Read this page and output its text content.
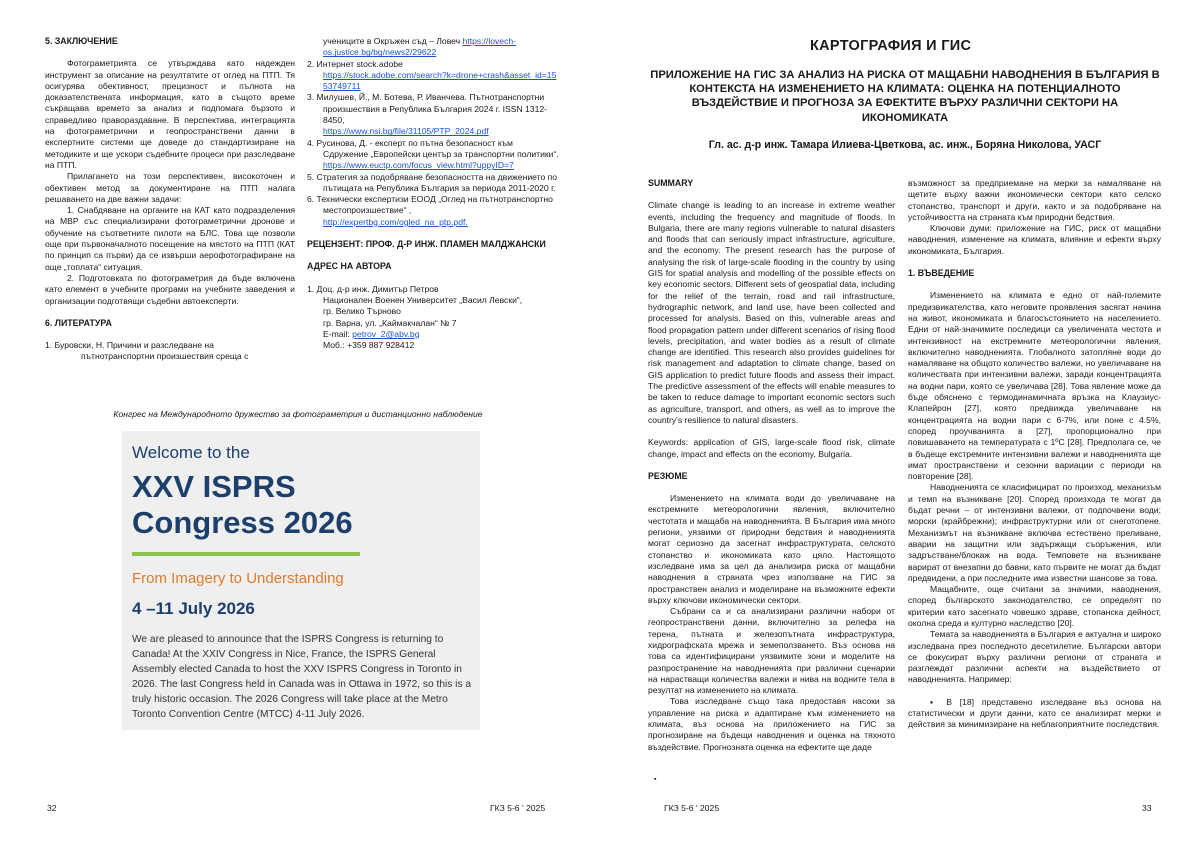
5. ЗАКЛЮЧЕНИЕ

Фотограметрията се утвърждава като надежден инструмент за описание на резултатите от оглед на ПТП. Тя осигурява обективност, прецизност и пълнота на доказателствената информация, като в същото време съкращава времето за анализ и подпомага бързото и справедливо правораздаване. В перспектива, интеграцията на фотограметрични и геопространствени данни в експертните системи ще доведе до стандартизиране на методиките и ще ускори съдебните процеси при разследване на ПТП.

Прилагането на този перспективен, високоточен и обективен метод за документиране на ПТП налага решаването на две важни задачи:

1. Снабдяване на органите на КАТ като подразделения на МВР със специализирани фотограметрични дронове и обучение на съответните пилоти на БЛС. Това ще позволи още при първоначалното посещение на мястото на ПТП (КАТ по принцип са първи) да се извърши аерофотографиране на още „топлата“ ситуация.

2. Подготовката по фотограметрия да бъде включена като елемент в учебните програми на учебните заведения и организации подготвящи съдебни автоексперти.

6. ЛИТЕРАТУРА
1. Буровски, Н. Причини и разследване на
пътнотранспортни произшествия среща с
учениците в Окръжен съд – Ловеч https://lovech-os.justice.bg/bg/news2/29622
2. Интернет stock.adobe
https://stock.adobe.com/search?k=drone+crash&asset_id=1553749711
3. Милушев, Й., М. Ботева, Р. Иванчева. Пътнотранспортни произшествия в Република България 2024 г. ISSN 1312-8450,
https://www.nsi.bg/file/31105/PTP_2024.pdf
4. Русинова, Д. - експерт по пътна безопасност към Сдружение „Европейски център за транспортни политики“.
https://www.euctp.com/focus_view.html?uppyID=7
5. Стратегия за подобряване безопасността на движението по пътищата на Република България за периода 2011-2020 г.
6. Технически експертизи ЕООД „Оглед на пътнотранспортно местопроизшествие“ ,
http://expertbg.com/ogled_na_ptp.pdf.
РЕЦЕНЗЕНТ: ПРОФ. Д-Р ИНЖ. ПЛАМЕН МАЛДЖАНСКИ
АДРЕС НА АВТОРА
1. Доц. д-р инж. Димитър Петров
Национален Военен Университет „Васил Левски“,
гр. Велико Търново
гр. Варна, ул. „Каймакчалан“ № 7
E-mail: petrov_2@abv.bg
Моб.: +359 887 928412
Конгрес на Международното дружество за фотограметрия и дистанционно наблюдение
Welcome to the
XXV ISPRS
Congress 2026
From Imagery to Understanding
4 –11 July 2026
We are pleased to announce that the ISPRS Congress is returning to Canada! At the XXIV Congress in Nice, France, the ISPRS General Assembly elected Canada to host the XXV ISPRS Congress in Toronto in 2026. The last Congress held in Canada was in Ottawa in 1972, so this is a truly historic occasion. The 2026 Congress will take place at the Metro Toronto Convention Centre (MTCC) 4-11 July 2026.
32	ГКЗ 5-6 ' 2025
КАРТОГРАФИЯ И ГИС
ПРИЛОЖЕНИЕ НА ГИС ЗА АНАЛИЗ НА РИСКА ОТ МАЩАБНИ НАВОДНЕНИЯ В БЪЛГАРИЯ В КОНТЕКСТА НА ИЗМЕНЕНИЕТО НА КЛИМАТА: ОЦЕНКА НА ПОТЕНЦИАЛНОТО ВЪЗДЕЙСТВИЕ И ПРОГНОЗА ЗА ЕФЕКТИТЕ ВЪРХУ РАЗЛИЧНИ СЕКТОРИ НА ИКОНОМИКАТА
Гл. ас. д-р инж. Тамара Илиева-Цветкова, ас. инж., Боряна Николова, УАСГ
SUMMARY

Climate change is leading to an increase in extreme weather events, including the frequency and magnitude of floods. In Bulgaria, there are many regions vulnerable to natural disasters and floods that can seriously impact infrastructure, agriculture, and the economy. The present research has the purpose of analysing the risk of large-scale flooding in the country by using GIS for spatial analysis and modelling of the possible effects on key economic sectors. Different sets of geospatial data, including for the relief of the terrain, road and rail infrastructure, hydrographic network, and land use, have been collected and processed for analysis. Based on this, vulnerable areas and flood propagation pattern under different scenarios of rising flood levels, precipitation, and water bodies as a result of climate change are identified. This research also provides guidelines for risk management and adaptation to climate change, based on GIS application to predict future floods and assess their impact. The predictive assessment of the effects will enable measures to be taken to reduce damage to important economic sectors such as agriculture, transport, and others, as well as to improve the country's resilience to natural disasters.

Keywords: application of GIS, large-scale flood risk, climate change, impact and effects on the economy, Bulgaria.

РЕЗЮМЕ

Изменението на климата води до увеличаване на екстремните метеорологични явления, включително честотата и мащаба на наводненията. В България има много региони, уязвими от природни бедствия и наводненията могат сериозно да засегнат инфраструктурата, селското стопанство и икономиката като цяло. Настоящото изследване има за цел да анализира риска от мащабни наводнения в страната чрез използване на ГИС за пространствен анализ и моделиране на възможните ефекти върху ключови икономически сектори.

Събрани са и са анализирани различни набори от геопространствени данни, включително за релефа на терена, пътната и железопътната инфраструктура, хидрографската мрежа и земеползването. Въз основа на това са идентифицирани уязвимите зони и моделите на разпространение на наводненията при различни сценарии на нарастващи количества валежи и нива на водните тела в резултат на изменението на климата.

Това изследване също така предоставя насоки за управление на риска и адаптиране към изменението на климата, въз основа на приложението на ГИС за прогнозиране на бъдещи наводнения и оценка на тяхното въздействие. Прогнозната оценка на ефектите ще даде

▪

възможност за предприемане на мерки за намаляване на щетите върху важни икономически сектори като селско стопанство, транспорт и други, както и за подобряване на устойчивостта на страната към природни бедствия.

Ключови думи: приложение на ГИС, риск от мащабни наводнения, изменение на климата, влияние и ефекти върху икономиката, България.

1. ВЪВЕДЕНИЕ

Изменението на климата е едно от най-големите предизвикателства, като неговите проявления засягат начина на живот, икономиката и благосъстоянието на населението. Едни от най-значимите последици са увеличената честота и интензивност на екстремните метеорологични явления, включително наводненията. Глобалното затопляне води до намаляване на общото количество валежи, но увеличаване на количествата при интензивни валежи, заради концентрацията на водни пари, която се увеличава [28]. Това явление може да бъде обяснено с термодинамичната връзка на Клаузиус-Клапейрон [27], която предвижда увеличаване на концентрацията на водни пари с 6-7%, или поне с 4.5%, според проучванията в [27], пропорционално при повишаването на температурата с 1ºC [28]. Предполага се, че в бъдеще екстремните интензивни валежи и наводненията ще имат пространствени и сезонни вариации с периоди на повторение [28].

Наводненията се класифицират по произход, механизъм и темп на възникване [20]. Според произхода те могат да бъдат речни – от интензивни валежи, от подпочвени води; морски (крайбрежни); инфраструктурни или от снеготопене. Механизмът на възникване включва естествено преливане, аварии на защитни или задържащи съоръжения, или задръстване/блокаж на вода. Темповете на възникване варират от внезапни до бавни, като първите не могат да бъдат предвидени, а при последните има известни шансове за това.

Мащабните, още считани за значими, наводнения, според българското законодателство, се определят по критерии като засегнато човешко здраве, стопанска дейност, околна среда и културно наследство [20].

Темата за наводненията в България е актуална и широко изследвана през последното десетилетие. Български автори се фокусират върху различни региони от страната и разглеждат различни аспекти на въздействието от наводненията. Например:

▪ В [18] представено изследване въз основа на статистически и други данни, като се анализират мерки и действия за минимизиране на неблагоприятните последствия.

ГКЗ 5-6 ' 2025	33
